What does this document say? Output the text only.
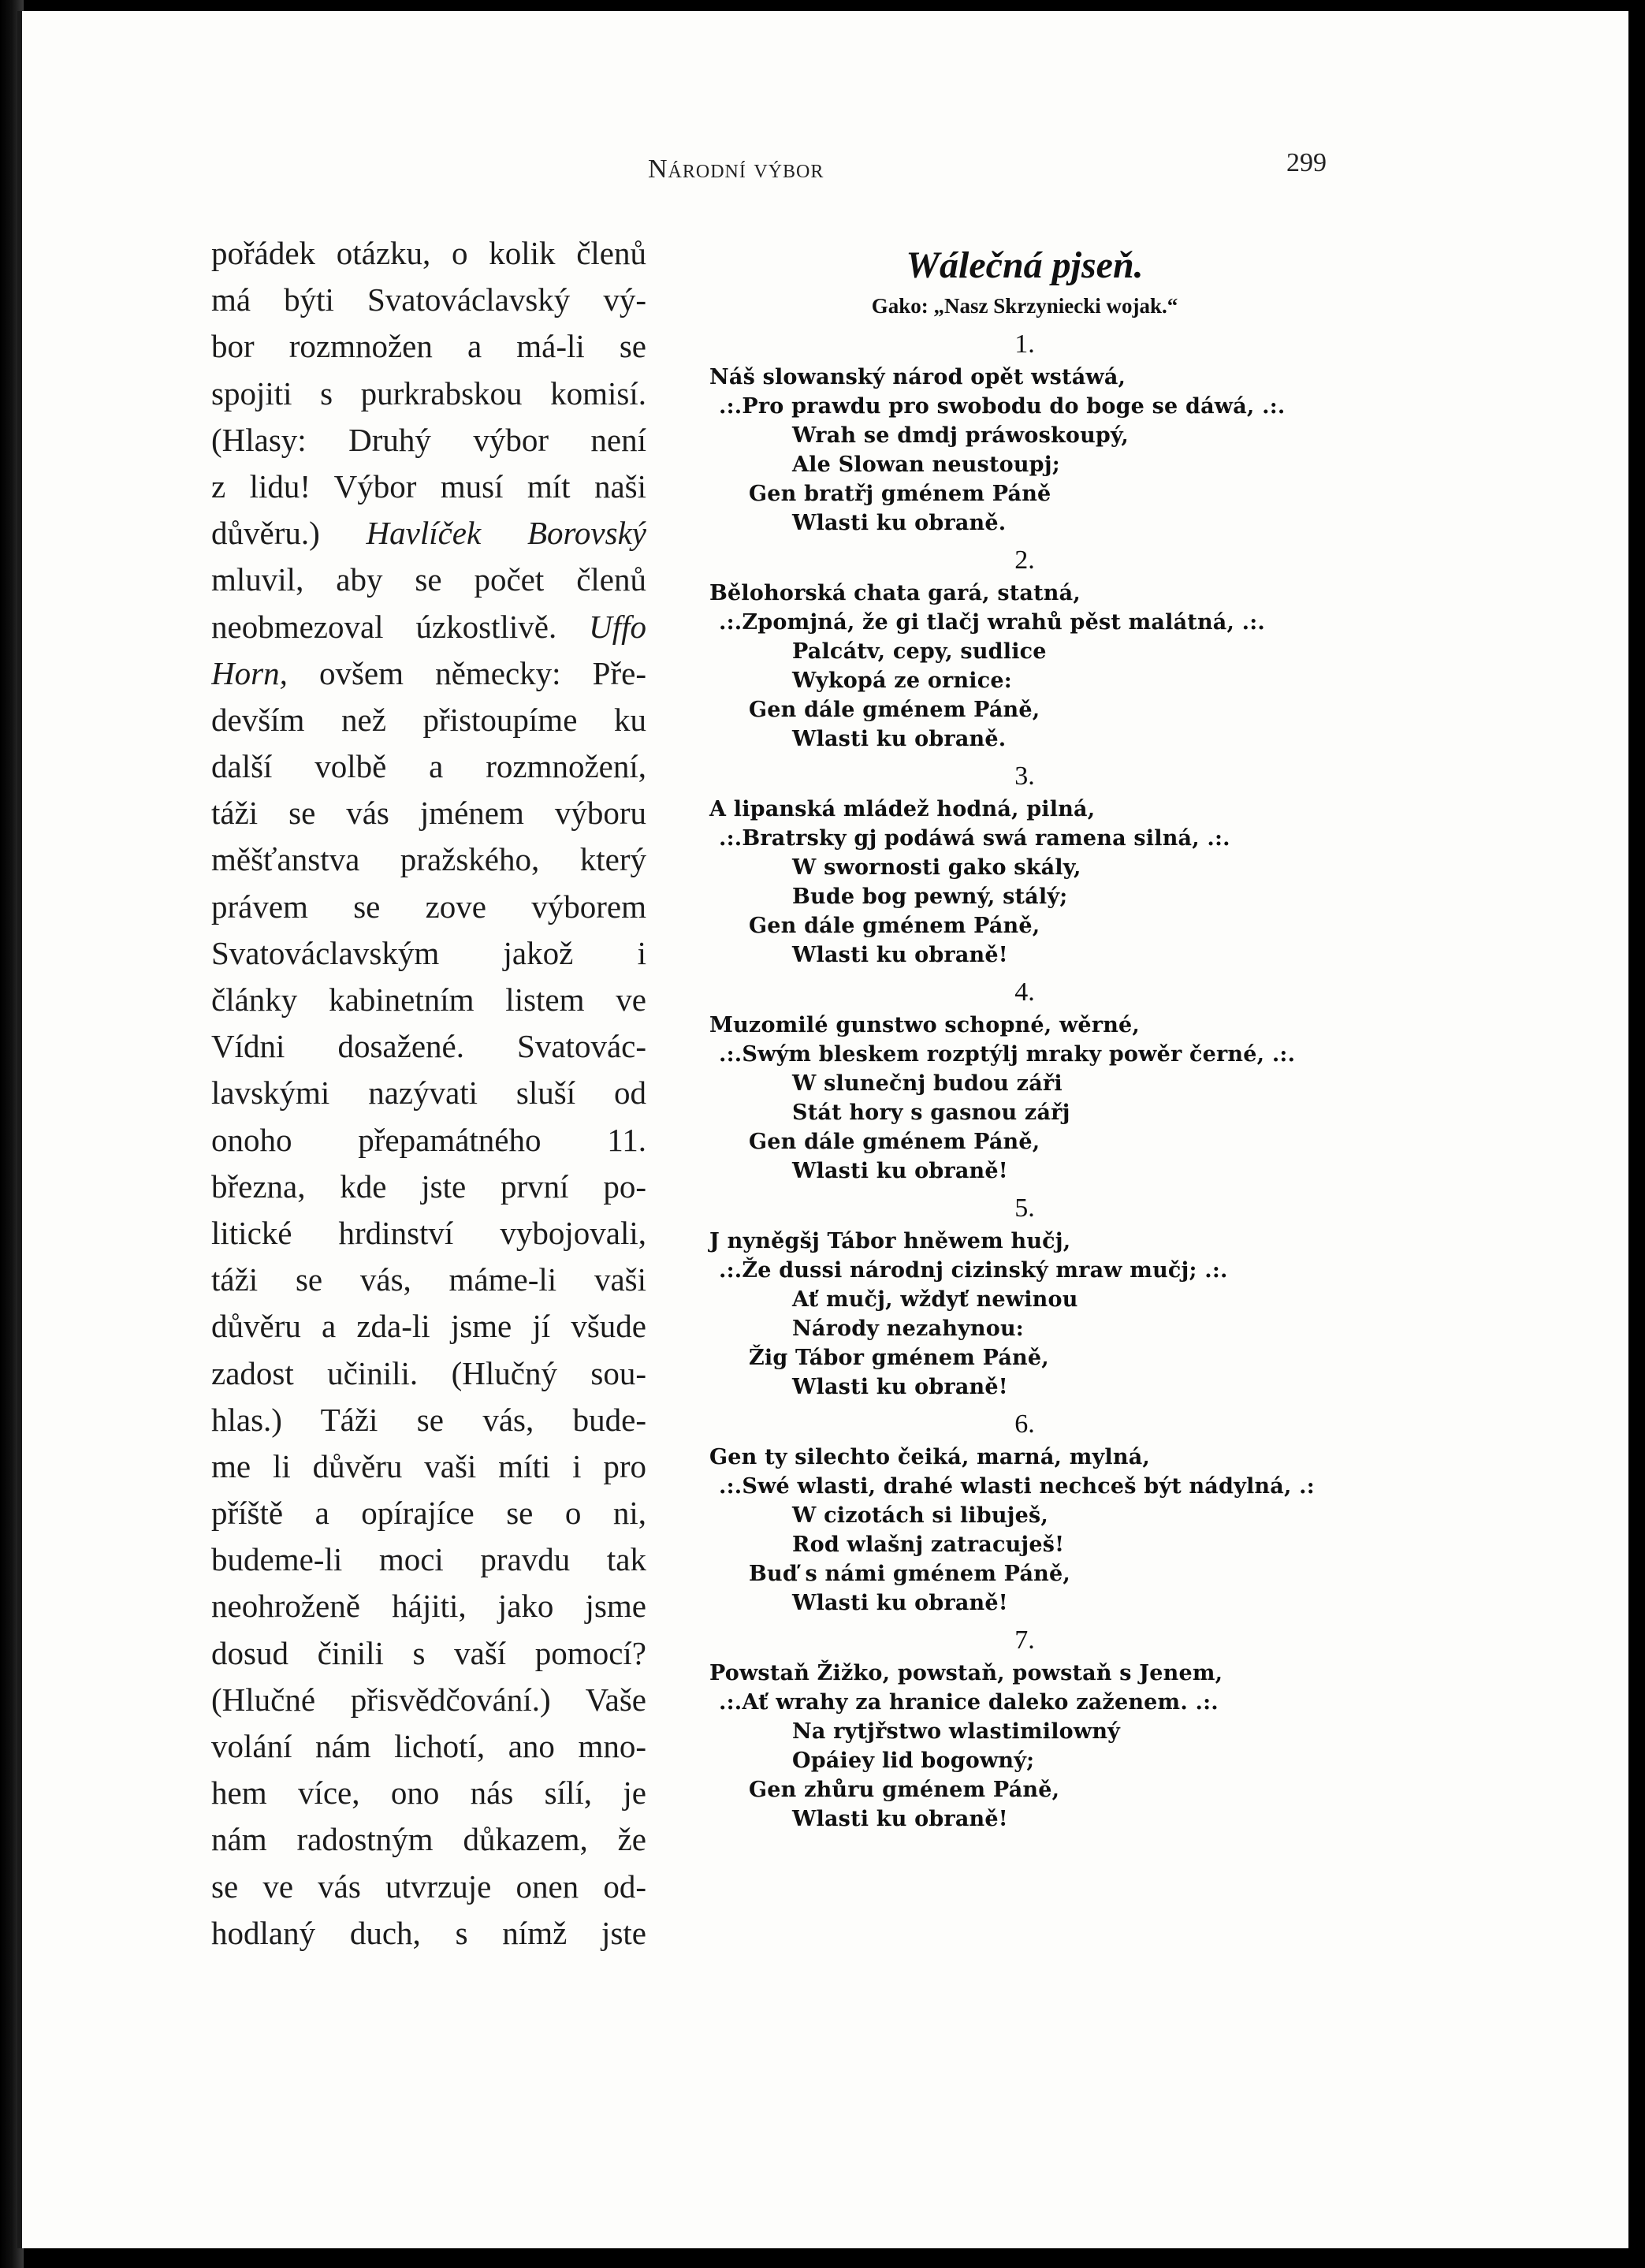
Národní výbor	299
pořádek otázku, o kolik členů
má býti Svatováclavský vý-
bor rozmnožen a má-li se
spojiti s purkrabskou komisí.
(Hlasy: Druhý výbor není
z lidu! Výbor musí mít naši
důvěru.) Havlíček Borovský
mluvil, aby se počet členů
neobmezoval úzkostlivě. Uffo
Horn, ovšem německy: Pře-
devším než přistoupíme ku
další volbě a rozmnožení,
táži se vás jménem výboru
měšťanstva pražského, který
právem se zove výborem
Svatováclavským jakož i
články kabinetním listem ve
Vídni dosažené. Svatovác-
lavskými nazývati sluší od
onoho přepamátného 11.
března, kde jste první po-
litické hrdinství vybojovali,
táži se vás, máme-li vaši
důvěru a zda-li jsme jí všude
zadost učinili. (Hlučný sou-
hlas.) Táži se vás, bude-
me li důvěru vaši míti i pro
příště a opírajíce se o ni,
budeme-li moci pravdu tak
neohroženě hájiti, jako jsme
dosud činili s vaší pomocí?
(Hlučné přisvědčování.) Vaše
volání nám lichotí, ano mno-
hem více, ono nás sílí, je
nám radostným důkazem, že
se ve vás utvrzuje onen od-
hodlaný duch, s nímž jste
Wálečná pjseň.
Gako: „Nasz Skrzyniecki wojak.“
1.
Náš slowanský národ opět wstáwá,
.:.Pro prawdu pro swobodu do boge se dáwá, .:.
Wrah se dmdj práwoskoupý,
Ale Slowan neustoupj;
Gen bratřj gménem Páně
Wlasti ku obraně.
2.
Bělohorská chata gará, statná,
.:.Zpomjná, že gi tlačj wrahů pěst malátná, .:.
Palcátv, cepy, sudlice
Wykopá ze ornice:
Gen dále gménem Páně,
Wlasti ku obraně.
3.
A lipanská mládež hodná, pilná,
.:.Bratrsky gj podáwá swá ramena silná, .:.
W swornosti gako skály,
Bude bog pewný, stálý;
Gen dále gménem Páně,
Wlasti ku obraně!
4.
Muzomilé gunstwo schopné, wěrné,
.:.Swým bleskem rozptýlj mraky powěr černé, .:.
W slunečnj budou záři
Stát hory s gasnou zářj
Gen dále gménem Páně,
Wlasti ku obraně!
5.
J nyněgšj Tábor hněwem hučj,
.:.Že dussi národnj cizinský mraw mučj; .:.
Ať mučj, wždyť newinou
Národy nezahynou:
Žig Tábor gménem Páně,
Wlasti ku obraně!
6.
Gen ty silechto čeiká, marná, mylná,
.:.Swé wlasti, drahé wlasti nechceš být nádylná, .:
W cizotách si libuješ,
Rod wlašnj zatracuješ!
Buď s námi gménem Páně,
Wlasti ku obraně!
7.
Powstaň Žižko, powstaň, powstaň s Jenem,
.:.Ať wrahy za hranice daleko zaženem. .:.
Na rytjřstwo wlastimilowný
Opáiey lid bogowný;
Gen zhůru gménem Páně,
Wlasti ku obraně!
